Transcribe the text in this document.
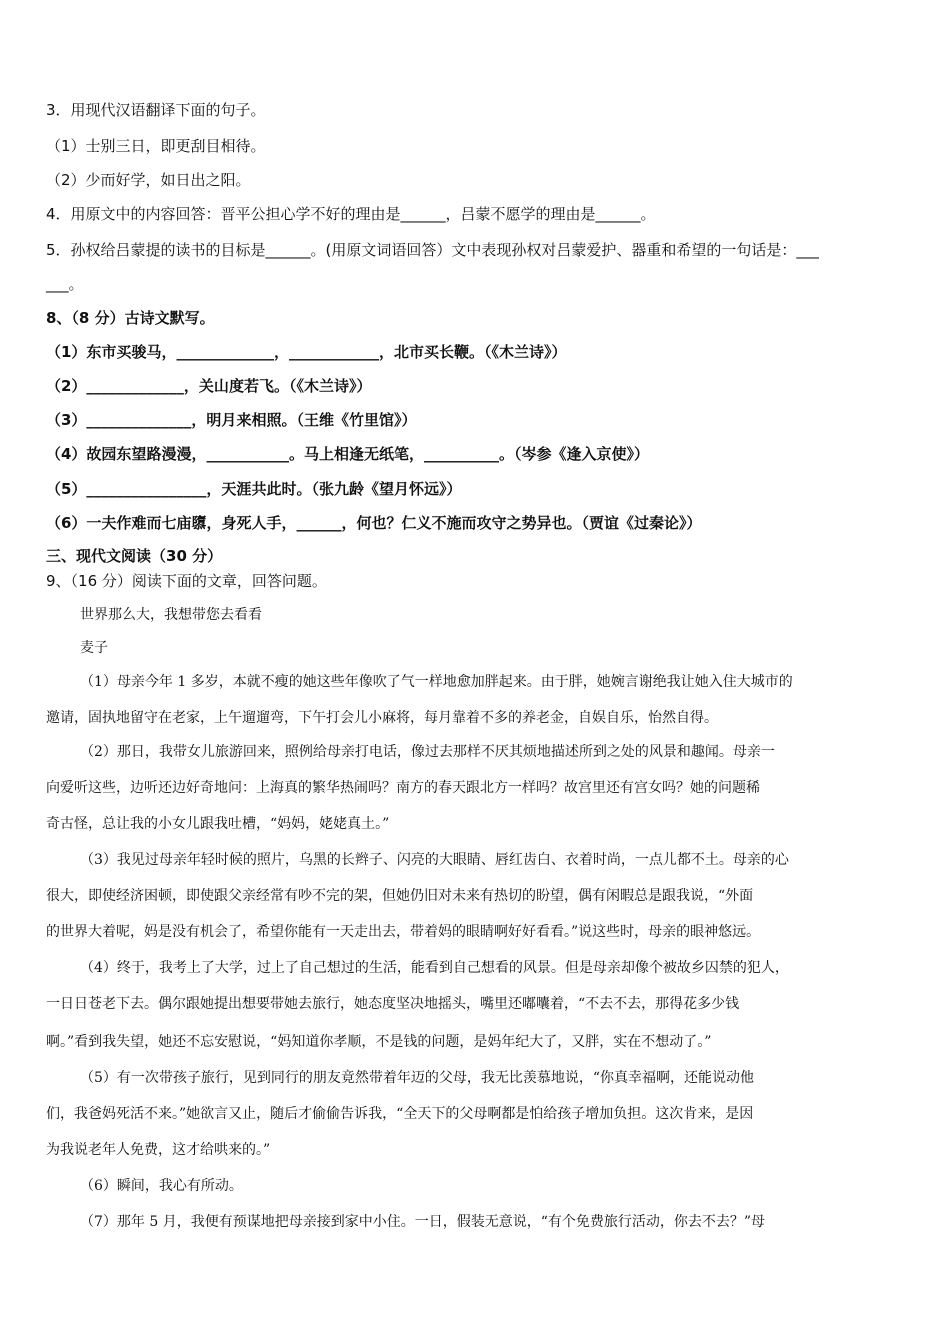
3．用现代汉语翻译下面的句子。
（1）士别三日，即更刮目相待。
（2）少而好学，如日出之阳。
4．用原文中的内容回答：晋平公担心学不好的理由是______，吕蒙不愿学的理由是______。
5．孙权给吕蒙提的读书的目标是______。(用原文词语回答）文中表现孙权对吕蒙爱护、器重和希望的一句话是：___
___。
8、（8 分）古诗文默写。
（1）东市买骏马，_____________，____________，北市买长鞭。（《木兰诗》）
（2）_____________，关山度若飞。（《木兰诗》）
（3）______________，明月来相照。（王维《竹里馆》）
（4）故园东望路漫漫，___________。马上相逢无纸笔，__________。（岑参《逢入京使》）
（5）________________，天涯共此时。（张九龄《望月怀远》）
（6）一夫作难而七庙隳，身死人手，______，何也？仁义不施而攻守之势异也。（贾谊《过秦论》）
三、现代文阅读（30 分）
9、（16 分）阅读下面的文章，回答问题。
世界那么大，我想带您去看看
麦子
（1）母亲今年 1 多岁，本就不瘦的她这些年像吹了气一样地愈加胖起来。由于胖，她婉言谢绝我让她入住大城市的
邀请，固执地留守在老家，上午遛遛弯，下午打会儿小麻将，每月靠着不多的养老金，自娱自乐，怡然自得。
（2）那日，我带女儿旅游回来，照例给母亲打电话，像过去那样不厌其烦地描述所到之处的风景和趣闻。母亲一
向爱听这些，边听还边好奇地问：上海真的繁华热闹吗？南方的春天跟北方一样吗？故宫里还有宫女吗？她的问题稀
奇古怪，总让我的小女儿跟我吐槽，“妈妈，姥姥真土。”
（3）我见过母亲年轻时候的照片，乌黑的长辫子、闪亮的大眼睛、唇红齿白、衣着时尚，一点儿都不土。母亲的心
很大，即使经济困顿，即使跟父亲经常有吵不完的架，但她仍旧对未来有热切的盼望，偶有闲暇总是跟我说，“外面
的世界大着呢，妈是没有机会了，希望你能有一天走出去，带着妈的眼睛啊好好看看。”说这些时，母亲的眼神悠远。
（4）终于，我考上了大学，过上了自己想过的生活，能看到自己想看的风景。但是母亲却像个被故乡囚禁的犯人，
一日日苍老下去。偶尔跟她提出想要带她去旅行，她态度坚决地摇头，嘴里还嘟囔着，“不去不去，那得花多少钱
啊。”看到我失望，她还不忘安慰说，“妈知道你孝顺，不是钱的问题，是妈年纪大了，又胖，实在不想动了。”
（5）有一次带孩子旅行，见到同行的朋友竟然带着年迈的父母，我无比羡慕地说，“你真幸福啊，还能说动他
们，我爸妈死活不来。”她欲言又止，随后才偷偷告诉我，“全天下的父母啊都是怕给孩子增加负担。这次肯来，是因
为我说老年人免费，这才给哄来的。”
（6）瞬间，我心有所动。
（7）那年 5 月，我便有预谋地把母亲接到家中小住。一日，假装无意说，“有个免费旅行活动，你去不去？”母
